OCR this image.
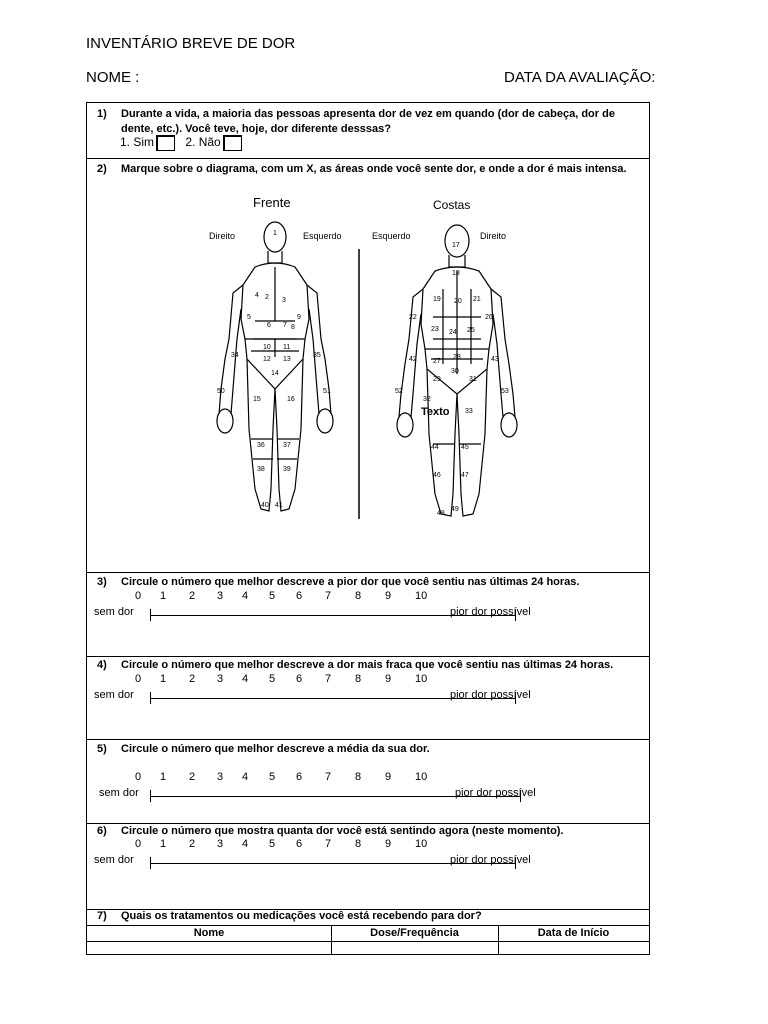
INVENTÁRIO BREVE DE DOR
NOME :	DATA DA AVALIAÇÃO:
1) Durante a vida, a maioria das pessoas apresenta dor de vez em quando (dor de cabeça, dor de dente, etc.). Você teve, hoje, dor diferente desssas?
1. Sim	2. Não
2) Marque sobre o diagrama, com um X, as áreas onde você sente dor, e onde a dor é mais intensa.
Frente	Costas
Direito	Esquerdo	Esquerdo	Direito
1
2 3
4
5
6 7
9
8
10 11
12 13
14
15	16
34	35
36	37
38	39
40 41
50	51
17
18
19 20 21
22
23 24 25
26
27
28
30
29	31
42	43
32
33
44	45
46	47
48
49
52	53
Texto
3) Circule o número que melhor descreve a pior dor que você sentiu nas últimas 24 horas.
sem dor	pior dor possível
4) Circule o número que melhor descreve a dor mais fraca que você sentiu nas últimas 24 horas.
sem dor	pior dor possível
5) Circule o número que melhor descreve a média da sua dor.
sem dor	pior dor possível
6) Circule o número que mostra quanta dor você está sentindo agora (neste momento).
sem dor	pior dor possível
7) Quais os tratamentos ou medicações você está recebendo para dor?
Nome	Dose/Frequência	Data de Início
0 1 2 3 4 5 6 7 8 9 10
0 1 2 3 4 5 6 7 8 9 10
0 1 2 3 4 5 6 7 8 9 10
0 1 2 3 4 5 6 7 8 9 10
